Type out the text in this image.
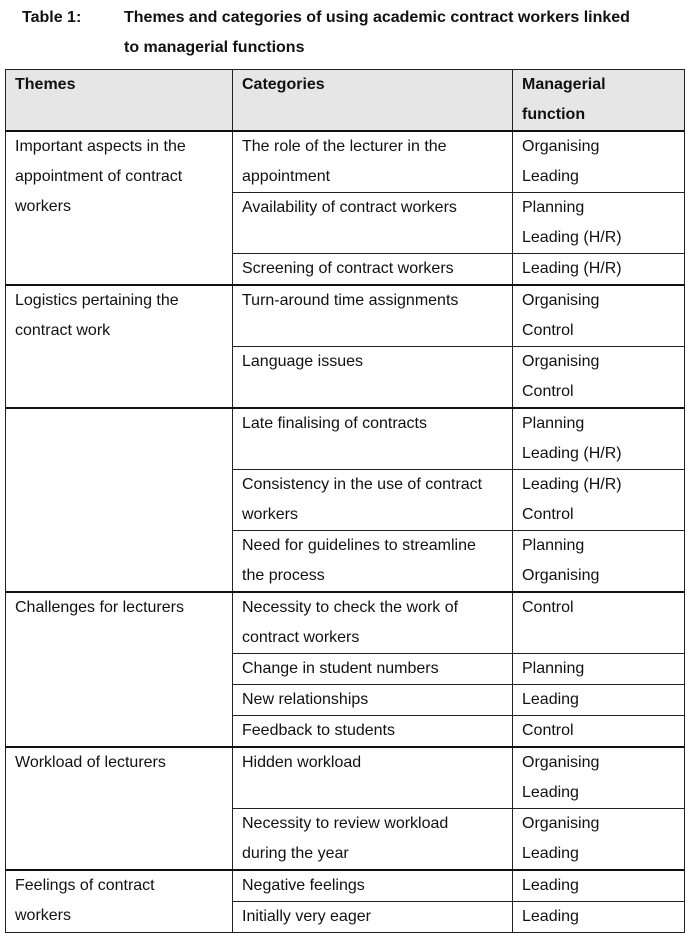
Table 1:	Themes and categories of using academic contract workers linked
to managerial functions
Themes	Categories	Managerial
function

Important aspects in the
appointment of contract
workers	The role of the lecturer in the
appointment	Organising
Leading

	Availability of contract workers	Planning
Leading (H/R)

	Screening of contract workers	Leading (H/R)

Logistics pertaining the
contract work	Turn-around time assignments	Organising
Control

	Language issues	Organising
Control

	Late finalising of contracts	Planning
Leading (H/R)

	Consistency in the use of contract
workers	Leading (H/R)
Control

	Need for guidelines to streamline
the process	Planning
Organising

Challenges for lecturers	Necessity to check the work of
contract workers	Control

	Change in student numbers	Planning

	New relationships	Leading

	Feedback to students	Control

Workload of lecturers	Hidden workload	Organising
Leading

	Necessity to review workload
during the year	Organising
Leading

Feelings of contract
workers	Negative feelings	Leading

	Initially very eager	Leading
